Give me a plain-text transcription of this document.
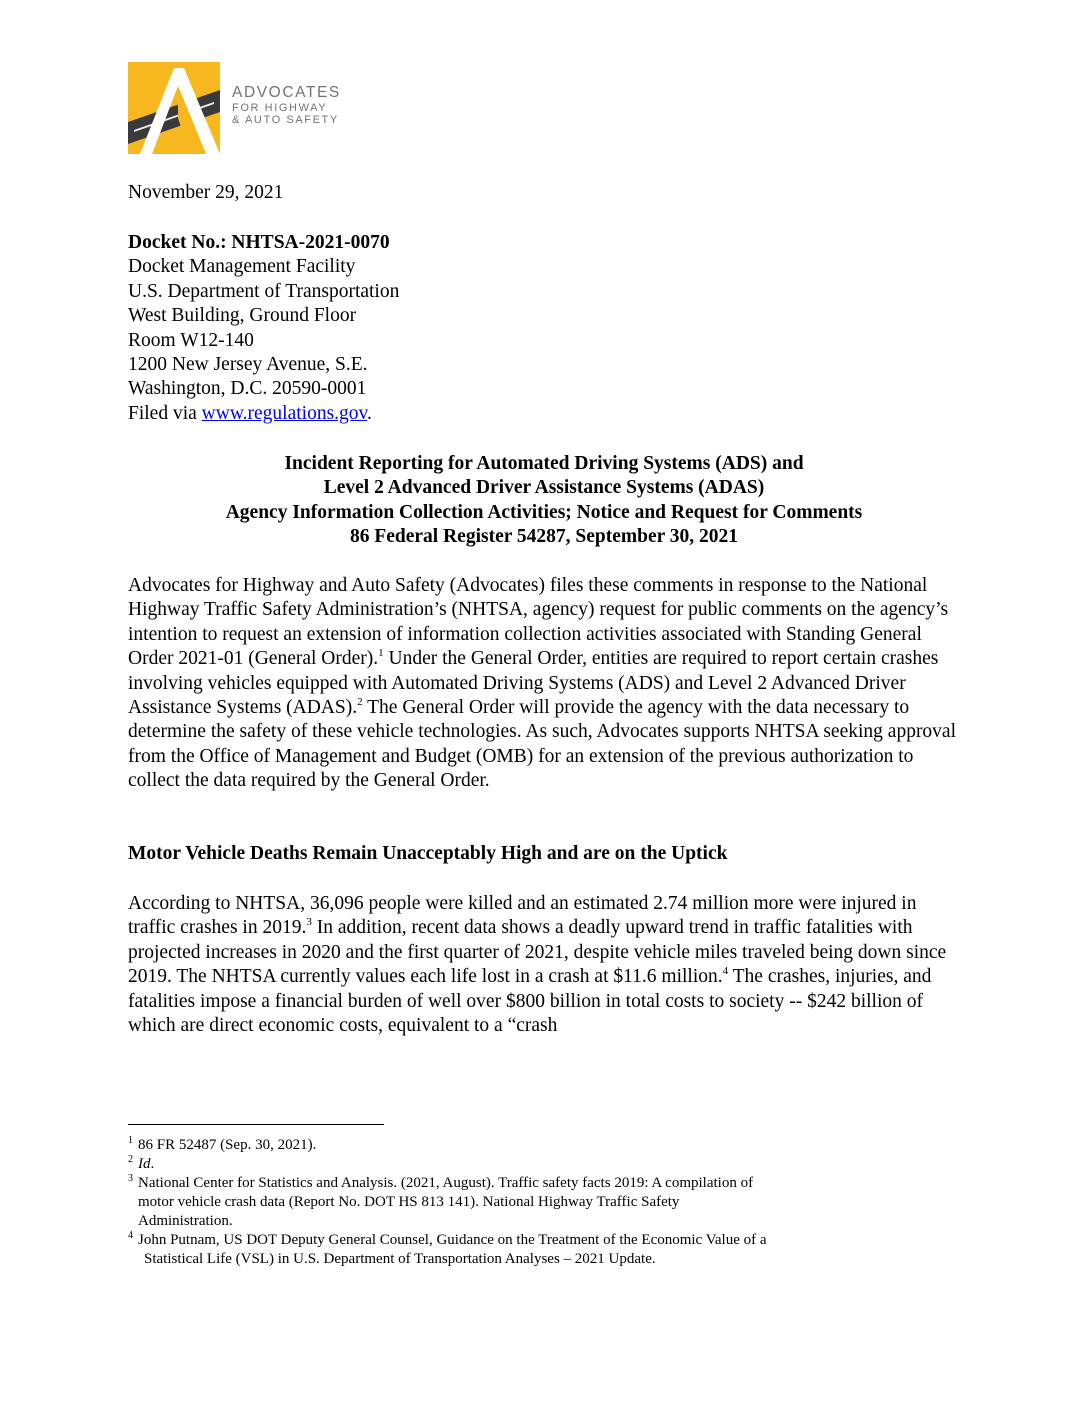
ADVOCATES
FOR HIGHWAY
& AUTO SAFETY
November 29, 2021
Docket No.: NHTSA-2021-0070
Docket Management Facility
U.S. Department of Transportation
West Building, Ground Floor
Room W12-140
1200 New Jersey Avenue, S.E.
Washington, D.C. 20590-0001
Filed via www.regulations.gov.
Incident Reporting for Automated Driving Systems (ADS) and
Level 2 Advanced Driver Assistance Systems (ADAS)
Agency Information Collection Activities; Notice and Request for Comments
86 Federal Register 54287, September 30, 2021
Advocates for Highway and Auto Safety (Advocates) files these comments in response to the National Highway Traffic Safety Administration’s (NHTSA, agency) request for public comments on the agency’s intention to request an extension of information collection activities associated with Standing General Order 2021-01 (General Order).$^1$ Under the General Order, entities are required to report certain crashes involving vehicles equipped with Automated Driving Systems (ADS) and Level 2 Advanced Driver Assistance Systems (ADAS).$^2$ The General Order will provide the agency with the data necessary to determine the safety of these vehicle technologies. As such, Advocates supports NHTSA seeking approval from the Office of Management and Budget (OMB) for an extension of the previous authorization to collect the data required by the General Order.
Motor Vehicle Deaths Remain Unacceptably High and are on the Uptick
According to NHTSA, 36,096 people were killed and an estimated 2.74 million more were injured in traffic crashes in 2019.$^3$ In addition, recent data shows a deadly upward trend in traffic fatalities with projected increases in 2020 and the first quarter of 2021, despite vehicle miles traveled being down since 2019. The NHTSA currently values each life lost in a crash at $11.6 million.$^4$ The crashes, injuries, and fatalities impose a financial burden of well over $800 billion in total costs to society -- $242 billion of which are direct economic costs, equivalent to a “crash
1 86 FR 52487 (Sep. 30, 2021).
2 Id.
3 National Center for Statistics and Analysis. (2021, August). Traffic safety facts 2019: A compilation of
motor vehicle crash data (Report No. DOT HS 813 141). National Highway Traffic Safety
Administration.
4 John Putnam, US DOT Deputy General Counsel, Guidance on the Treatment of the Economic Value of a
Statistical Life (VSL) in U.S. Department of Transportation Analyses – 2021 Update.
